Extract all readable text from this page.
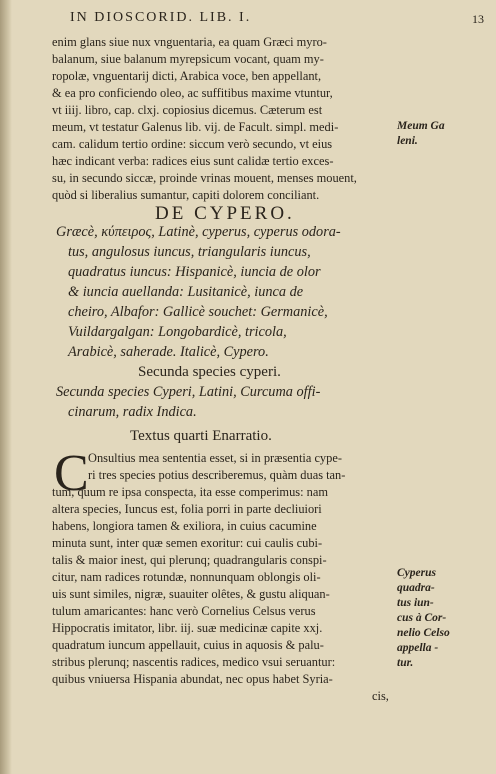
IN DIOSCORID. LIB. I.	13
enim glans siue nux vnguentaria, ea quam Græci myro-
balanum, siue balanum myrepsicum vocant, quam my-
ropolæ, vnguentarij dicti, Arabica voce, ben appellant,
& ea pro conficiendo oleo, ac suffitibus maxime vtuntur,
vt iiij. libro, cap. clxj. copiosius dicemus. Cæterum est
meum, vt testatur Galenus lib. vij. de Facult. simpl. medi-
cam. calidum tertio ordine: siccum verò secundo, vt eius
hæc indicant verba: radices eius sunt calidæ tertio exces-
su, in secundo siccæ, proinde vrinas mouent, menses mouent,
quòd si liberalius sumantur, capiti dolorem conciliant.
Meum Ga
leni.
DE CYPERO.
Græcè, κύπειρος, Latinè, cyperus, cyperus odora-
tus, angulosus iuncus, triangularis iuncus,
quadratus iuncus: Hispanicè, iuncia de olor
& iuncia auellanda: Lusitanicè, iunca de
cheiro, Albafor: Gallicè souchet: Germanicè,
Vuildargalgan: Longobardicè, tricola,
Arabicè, saherade. Italicè, Cypero.
Secunda species cyperi.
Secunda species Cyperi, Latini, Curcuma offi-
cinarum, radix Indica.
Textus quarti Enarratio.
C Onsultius mea sententia esset, si in præsentia cype-
ri tres species potius describeremus, quàm duas tan-
tum, quum re ipsa conspecta, ita esse comperimus: nam
altera species, Iuncus est, folia porri in parte decliuiori
habens, longiora tamen & exiliora, in cuius cacumine
minuta sunt, inter quæ semen exoritur: cui caulis cubi-
talis & maior inest, qui plerunq; quadrangularis conspi-
citur, nam radices rotundæ, nonnunquam oblongis oli-
uis sunt similes, nigræ, suauiter olêtes, & gustu aliquan-
tulum amaricantes: hanc verò Cornelius Celsus verus
Hippocratis imitator, libr. iij. suæ medicinæ capite xxj.
quadratum iuncum appellauit, cuius in aquosis & palu-
stribus plerunq; nascentis radices, medico vsui seruantur:
quibus vniuersa Hispania abundat, nec opus habet Syria-
cis,
Cyperus
quadra-
tus iun-
cus à Cor-
nelio Celso
appella -
tur.
